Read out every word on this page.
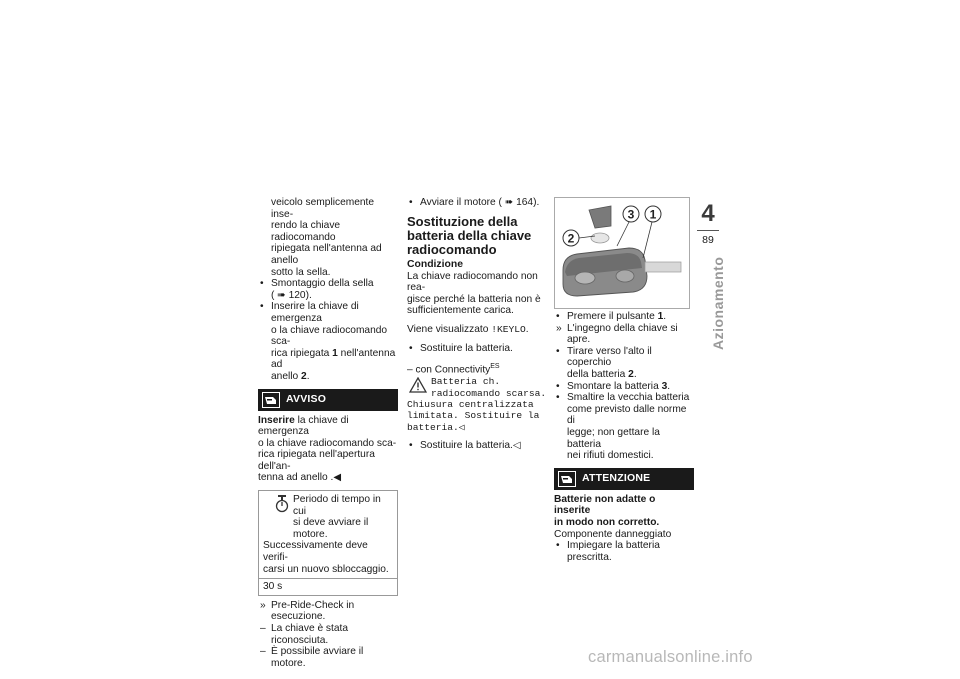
veicolo semplicemente inse-

rendo la chiave radiocomando

ripiegata nell'antenna ad anello

sotto la sella.

• Smontaggio della sella
( ➠ 120).
• Inserire la chiave di emergenza
o la chiave radiocomando sca-
rica ripiegata 1 nell'antenna ad
anello 2.
AVVISO

Inserire la chiave di emergenza

o la chiave radiocomando sca-

rica ripiegata nell'apertura dell'an-

tenna ad anello .◀

Periodo di tempo in cui

si deve avviare il motore.

Successivamente deve verifi-

carsi un nuovo sbloccaggio.

30 s
» Pre-Ride-Check in esecuzione.
– La chiave è stata riconosciuta.
– È possibile avviare il motore.
• Avviare il motore ( ➠ 164).
Sostituzione della
batteria della chiave
radiocomando
Condizione

La chiave radiocomando non rea-

gisce perché la batteria non è

sufficientemente carica.

Viene visualizzato !KEYLO.

• Sostituire la batteria.

– con Connectivity$^{ES}$

Batteria ch.

radiocomando scarsa.

Chiusura centralizzata

limitata. Sostituire la

batteria.◁

• Sostituire la batteria.◁
2
3 1
• Premere il pulsante 1.
» L'ingegno della chiave si apre.
• Tirare verso l'alto il coperchio
della batteria 2.
• Smontare la batteria 3.
• Smaltire la vecchia batteria
come previsto dalle norme di
legge; non gettare la batteria
nei rifiuti domestici.
ATTENZIONE

Batterie non adatte o inserite

in modo non corretto.

Componente danneggiato

• Impiegare la batteria prescritta.
4
89
Azionamento
carmanualsonline.info
